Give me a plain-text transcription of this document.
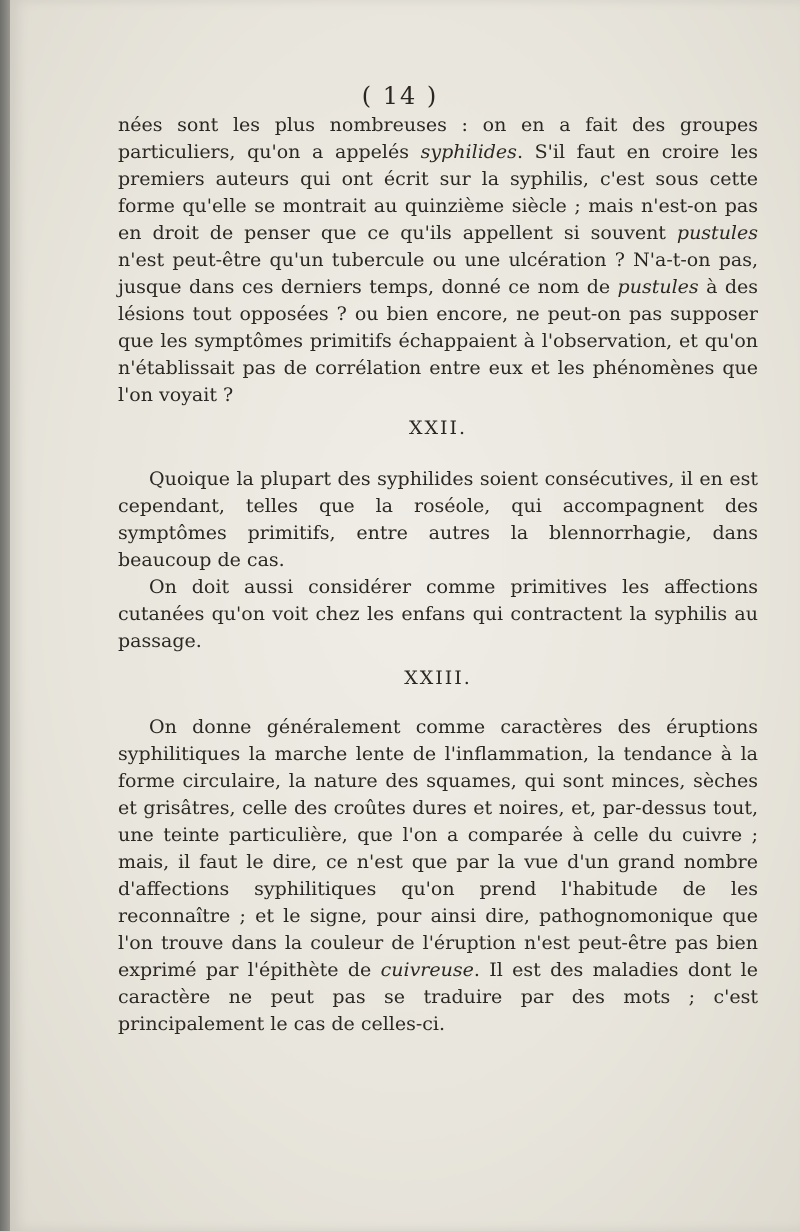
( 14 )

nées sont les plus nombreuses : on en a fait des groupes particuliers, qu'on a appelés syphilides. S'il faut en croire les premiers auteurs qui ont écrit sur la syphilis, c'est sous cette forme qu'elle se montrait au quinzième siècle ; mais n'est-on pas en droit de penser que ce qu'ils appellent si souvent pustules n'est peut-être qu'un tubercule ou une ulcération ? N'a-t-on pas, jusque dans ces derniers temps, donné ce nom de pustules à des lésions tout opposées ? ou bien encore, ne peut-on pas supposer que les symptômes primitifs échappaient à l'observation, et qu'on n'établissait pas de corrélation entre eux et les phénomènes que l'on voyait ?

XXII.

Quoique la plupart des syphilides soient consécutives, il en est cependant, telles que la roséole, qui accompagnent des symptômes primitifs, entre autres la blennorrhagie, dans beaucoup de cas.

On doit aussi considérer comme primitives les affections cutanées qu'on voit chez les enfans qui contractent la syphilis au passage.

XXIII.

On donne généralement comme caractères des éruptions syphilitiques la marche lente de l'inflammation, la tendance à la forme circulaire, la nature des squames, qui sont minces, sèches et grisâtres, celle des croûtes dures et noires, et, par-dessus tout, une teinte particulière, que l'on a comparée à celle du cuivre ; mais, il faut le dire, ce n'est que par la vue d'un grand nombre d'affections syphilitiques qu'on prend l'habitude de les reconnaître ; et le signe, pour ainsi dire, pathognomonique que l'on trouve dans la couleur de l'éruption n'est peut-être pas bien exprimé par l'épithète de cuivreuse. Il est des maladies dont le caractère ne peut pas se traduire par des mots ; c'est principalement le cas de celles-ci.
